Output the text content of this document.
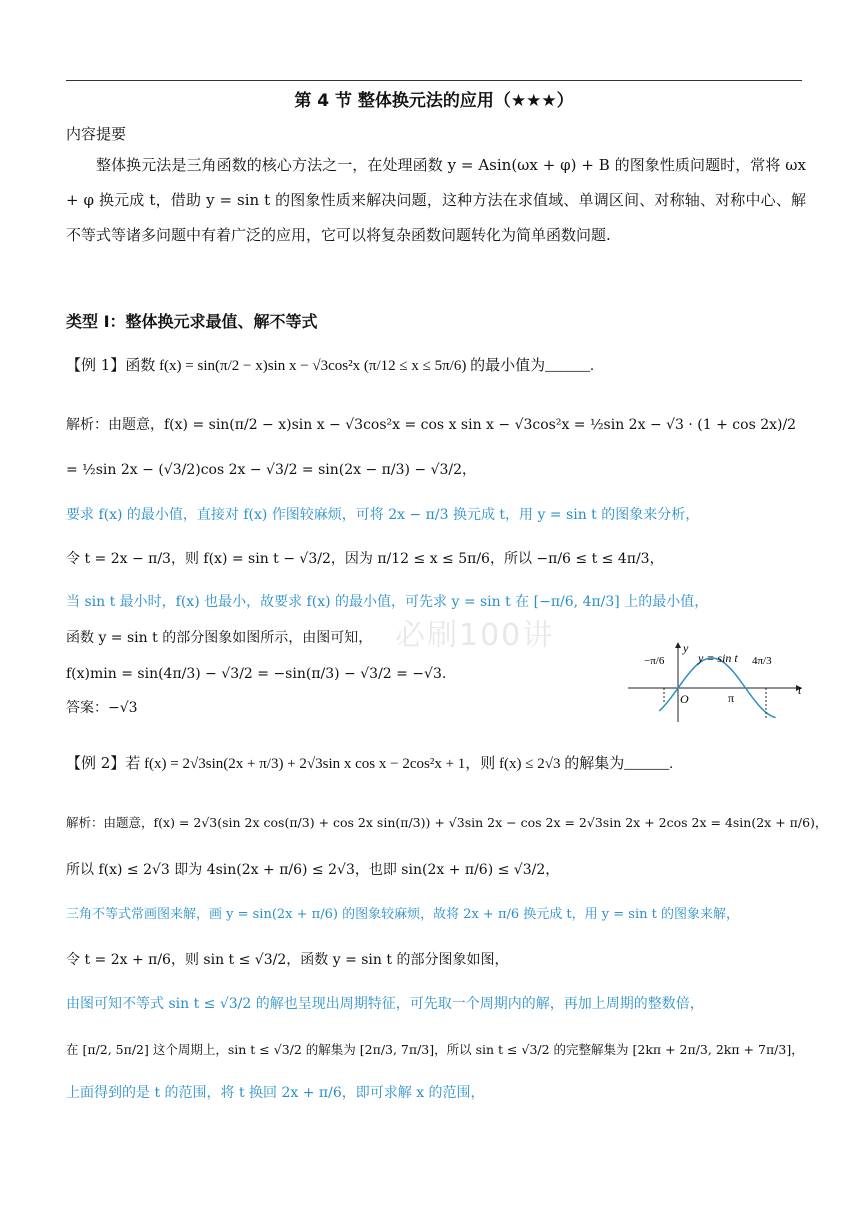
第 4 节 整体换元法的应用（★★★）
内容提要
整体换元法是三角函数的核心方法之一，在处理函数 y = Asin(ωx + φ) + B 的图象性质问题时，常将 ωx + φ 换元成 t，借助 y = sin t 的图象性质来解决问题，这种方法在求值域、单调区间、对称轴、对称中心、解不等式等诸多问题中有着广泛的应用，它可以将复杂函数问题转化为简单函数问题.
类型 I：整体换元求最值、解不等式
必刷100讲
【例 1】函数 f(x) = sin(π/2 − x)sin x − √3cos²x (π/12 ≤ x ≤ 5π/6) 的最小值为______.
解析：由题意，f(x) = sin(π/2 − x)sin x − √3cos²x = cos x sin x − √3cos²x = ½sin 2x − √3 · (1 + cos 2x)/2
= ½sin 2x − (√3/2)cos 2x − √3/2 = sin(2x − π/3) − √3/2，
要求 f(x) 的最小值，直接对 f(x) 作图较麻烦，可将 2x − π/3 换元成 t，用 y = sin t 的图象来分析，
令 t = 2x − π/3，则 f(x) = sin t − √3/2，因为 π/12 ≤ x ≤ 5π/6，所以 −π/6 ≤ t ≤ 4π/3，
当 sin t 最小时，f(x) 也最小，故要求 f(x) 的最小值，可先求 y = sin t 在 [−π/6, 4π/3] 上的最小值，
函数 y = sin t 的部分图象如图所示，由图可知，
f(x)min = sin(4π/3) − √3/2 = −sin(π/3) − √3/2 = −√3.
答案：−√3
y
t
O
y = sin t
−π/6	4π/3
π
【例 2】若 f(x) = 2√3sin(2x + π/3) + 2√3sin x cos x − 2cos²x + 1，则 f(x) ≤ 2√3 的解集为______.
解析：由题意，f(x) = 2√3(sin 2x cos(π/3) + cos 2x sin(π/3)) + √3sin 2x − cos 2x = 2√3sin 2x + 2cos 2x = 4sin(2x + π/6)，
所以 f(x) ≤ 2√3 即为 4sin(2x + π/6) ≤ 2√3，也即 sin(2x + π/6) ≤ √3/2，
三角不等式常画图来解，画 y = sin(2x + π/6) 的图象较麻烦，故将 2x + π/6 换元成 t，用 y = sin t 的图象来解，
令 t = 2x + π/6，则 sin t ≤ √3/2，函数 y = sin t 的部分图象如图，
由图可知不等式 sin t ≤ √3/2 的解也呈现出周期特征，可先取一个周期内的解，再加上周期的整数倍，
在 [π/2, 5π/2] 这个周期上，sin t ≤ √3/2 的解集为 [2π/3, 7π/3]，所以 sin t ≤ √3/2 的完整解集为 [2kπ + 2π/3, 2kπ + 7π/3]，
上面得到的是 t 的范围，将 t 换回 2x + π/6，即可求解 x 的范围，
